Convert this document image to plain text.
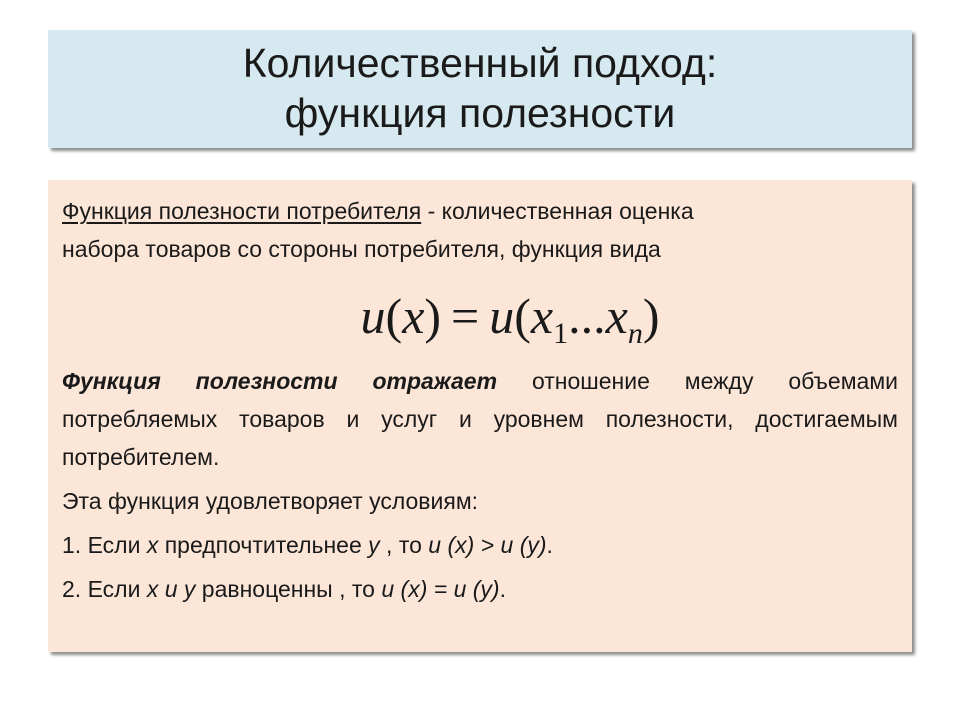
Количественный подход:
функция полезности

Функция полезности потребителя - количественная оценка
набора товаров со стороны потребителя, функция вида

$u(x) = u(x_1...x_n)$

Функция полезности отражает отношение между объемами потребляемых товаров и услуг и уровнем полезности, достигаемым потребителем.

Эта функция удовлетворяет условиям:

1. Если x предпочтительнее y , то u (x) > u (y).

2. Если x u y равноценны , то u (x) = u (y).
